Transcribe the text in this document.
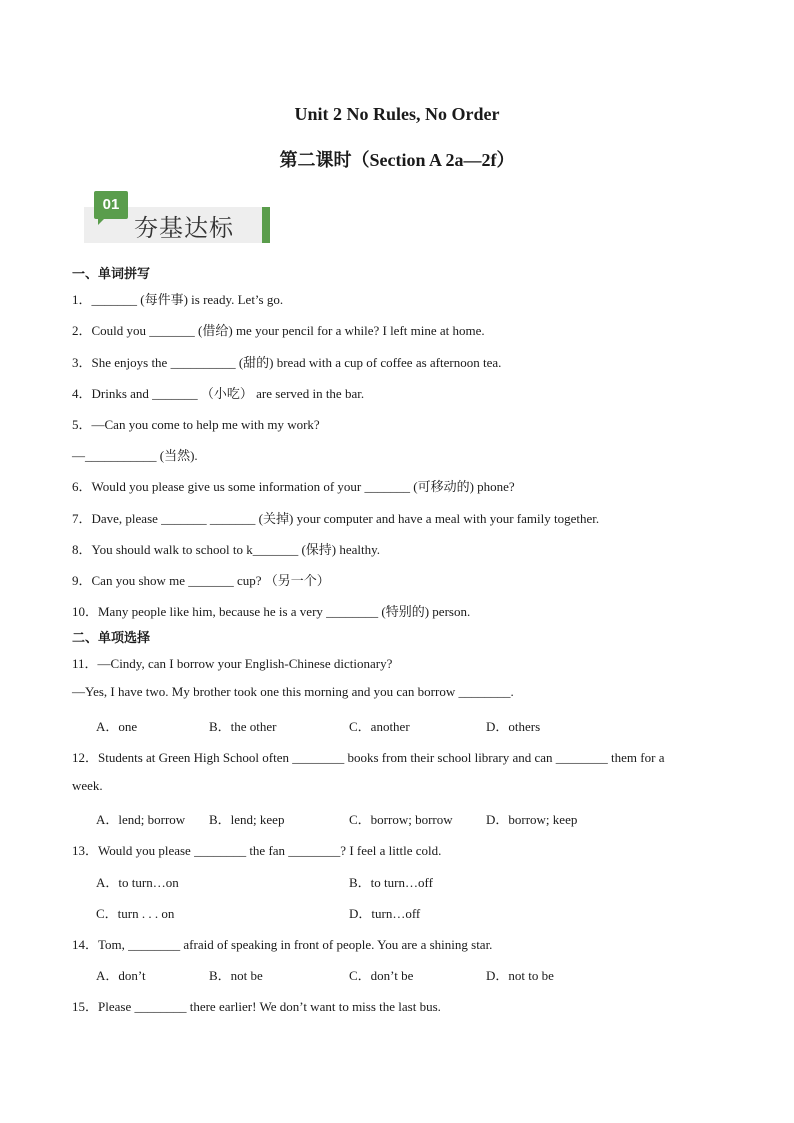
Unit 2 No Rules, No Order
第二课时（Section A 2a—2f）
01
夯基达标
一、单词拼写
1．_______ (每件事) is ready. Let’s go.
2．Could you _______ (借给) me your pencil for a while? I left mine at home.
3．She enjoys the __________ (甜的) bread with a cup of coffee as afternoon tea.
4．Drinks and _______ （小吃） are served in the bar.
5．—Can you come to help me with my work?
—___________ (当然).
6．Would you please give us some information of your _______ (可移动的) phone?
7．Dave, please _______ _______ (关掉) your computer and have a meal with your family together.
8．You should walk to school to k_______ (保持) healthy.
9．Can you show me _______ cup? （另一个）
10．Many people like him, because he is a very ________ (特别的) person.
二、单项选择
11．—Cindy, can I borrow your English-Chinese dictionary?
—Yes, I have two. My brother took one this morning and you can borrow ________.
A．one	B．the other	C．another	D．others
12．Students at Green High School often ________ books from their school library and can ________ them for a
week.
A．lend; borrow B．lend; keep	C．borrow; borrow	D．borrow; keep
13．Would you please ________ the fan ________? I feel a little cold.
A．to turn…on	B．to turn…off
C．turn . . . on	D．turn…off
14．Tom, ________ afraid of speaking in front of people. You are a shining star.
A．don’t	B．not be	C．don’t be	D．not to be
15．Please ________ there earlier! We don’t want to miss the last bus.
